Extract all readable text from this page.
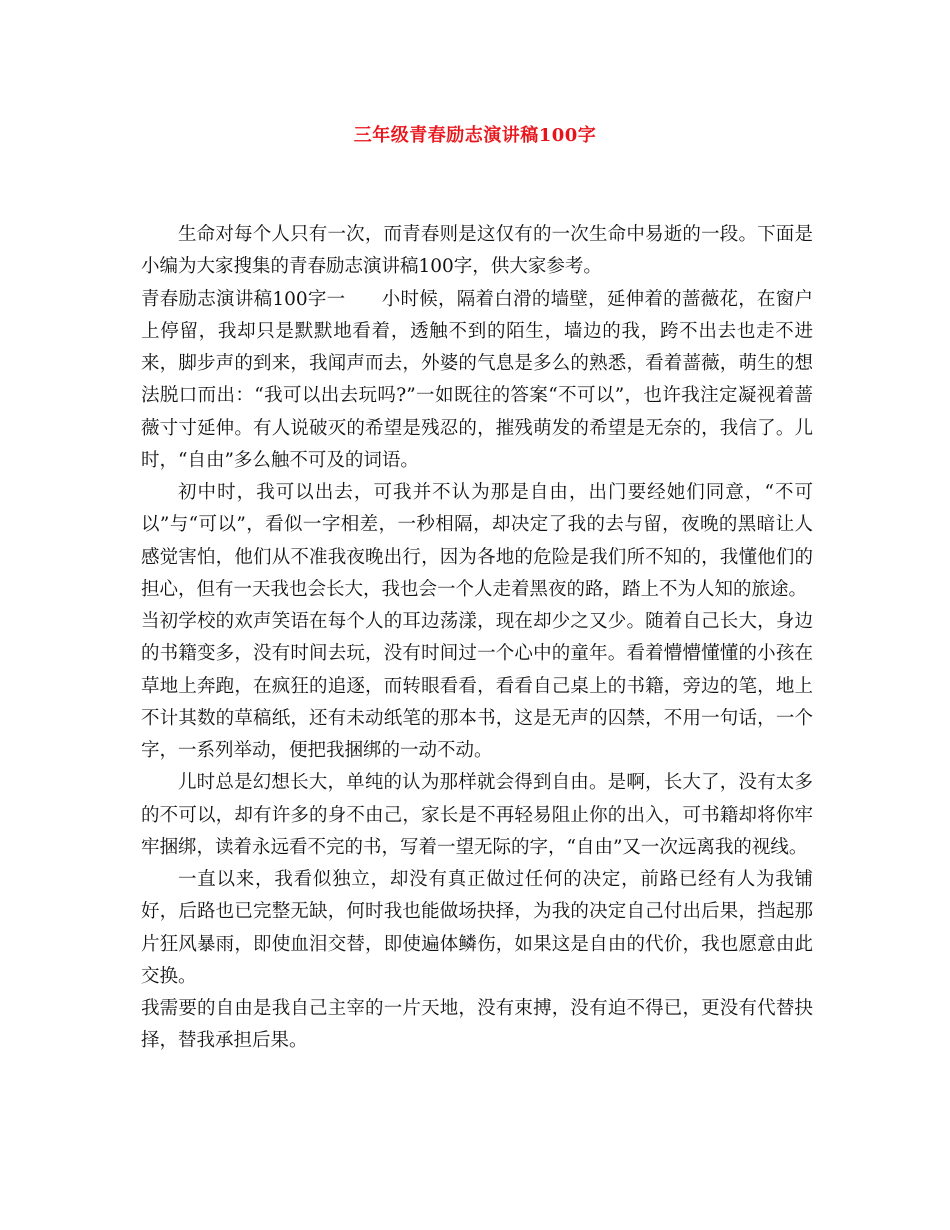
三年级青春励志演讲稿100字

生命对每个人只有一次，而青春则是这仅有的一次生命中易逝的一段。下面是小编为大家搜集的青春励志演讲稿100字，供大家参考。

青春励志演讲稿100字一 小时候，隔着白滑的墙壁，延伸着的蔷薇花，在窗户上停留，我却只是默默地看着，透触不到的陌生，墙边的我，跨不出去也走不进来，脚步声的到来，我闻声而去，外婆的气息是多么的熟悉，看着蔷薇，萌生的想法脱口而出：“我可以出去玩吗?”一如既往的答案“不可以”，也许我注定凝视着蔷薇寸寸延伸。有人说破灭的希望是残忍的，摧残萌发的希望是无奈的，我信了。儿时，“自由”多么触不可及的词语。

初中时，我可以出去，可我并不认为那是自由，出门要经她们同意，“不可以”与“可以”，看似一字相差，一秒相隔，却决定了我的去与留，夜晚的黑暗让人感觉害怕，他们从不准我夜晚出行，因为各地的危险是我们所不知的，我懂他们的担心，但有一天我也会长大，我也会一个人走着黑夜的路，踏上不为人知的旅途。

当初学校的欢声笑语在每个人的耳边荡漾，现在却少之又少。随着自己长大，身边的书籍变多，没有时间去玩，没有时间过一个心中的童年。看着懵懵懂懂的小孩在草地上奔跑，在疯狂的追逐，而转眼看看，看看自己桌上的书籍，旁边的笔，地上不计其数的草稿纸，还有未动纸笔的那本书，这是无声的囚禁，不用一句话，一个字，一系列举动，便把我捆绑的一动不动。

儿时总是幻想长大，单纯的认为那样就会得到自由。是啊，长大了，没有太多的不可以，却有许多的身不由己，家长是不再轻易阻止你的出入，可书籍却将你牢牢捆绑，读着永远看不完的书，写着一望无际的字，“自由”又一次远离我的视线。

一直以来，我看似独立，却没有真正做过任何的决定，前路已经有人为我铺好，后路也已完整无缺，何时我也能做场抉择，为我的决定自己付出后果，挡起那片狂风暴雨，即使血泪交替，即使遍体鳞伤，如果这是自由的代价，我也愿意由此交换。

我需要的自由是我自己主宰的一片天地，没有束搏，没有迫不得已，更没有代替抉择，替我承担后果。
